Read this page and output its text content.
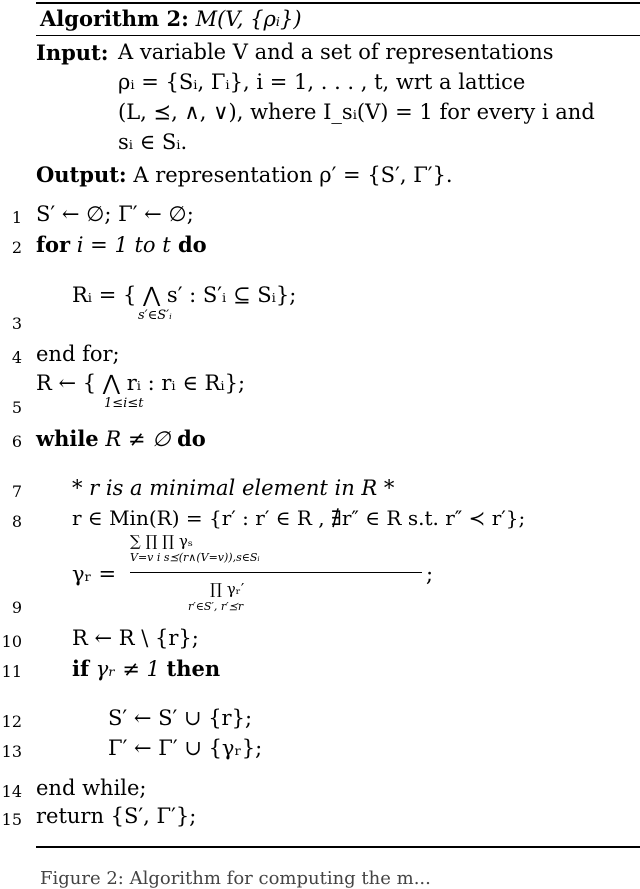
Algorithm 2: M(V, {ρᵢ})
Input: A variable V and a set of representations
ρᵢ = {Sᵢ, Γᵢ}, i = 1, . . . , t, wrt a lattice
(L, ⪯, ∧, ∨), where I_sᵢ(V) = 1 for every i and
sᵢ ∈ Sᵢ.
Output: A representation ρ′ = {S′, Γ′}.
1 S′ ← ∅; Γ′ ← ∅;
2 for i = 1 to t do
3
Rᵢ = { ⋀ s′ : S′ᵢ ⊆ Sᵢ};
s′∈S′ᵢ
4 end for;
5
R ← { ⋀ rᵢ : rᵢ ∈ Rᵢ};
1≤i≤t
6 while R ≠ ∅ do
7 * r is a minimal element in R *
8	r ∈ Min(R) = {r′ : r′ ∈ R , ∄r″ ∈ R s.t. r″ ≺ r′};
9
γᵣ =
∑ ∏ ∏ γₛ
V=v i s⪯(r∧(V=v)),s∈Sᵢ
∏ γᵣ′
r′∈S′, r′⪯r
;
10 R ← R \ {r};
11 if γᵣ ≠ 1 then
12	S′ ← S′ ∪ {r};
13	Γ′ ← Γ′ ∪ {γᵣ};
14 end while;
15 return {S′, Γ′};
Figure 2: Algorithm for computing the m...
